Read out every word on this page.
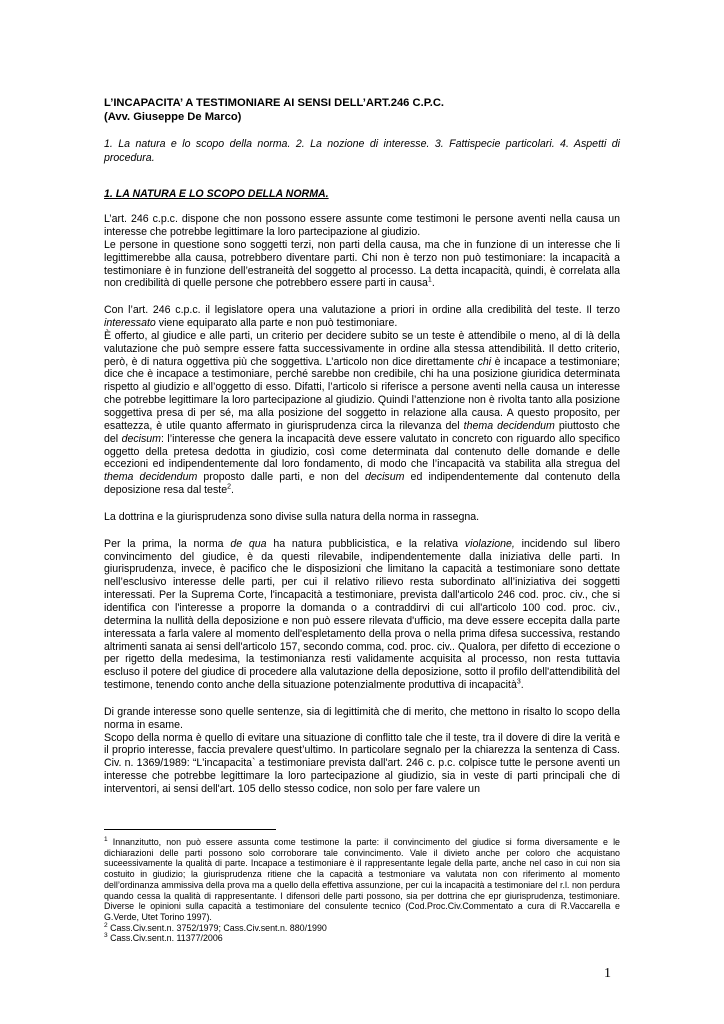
L’INCAPACITA’ A TESTIMONIARE AI SENSI DELL’ART.246 C.P.C.
(Avv. Giuseppe De Marco)

1. La natura e lo scopo della norma. 2. La nozione di interesse. 3. Fattispecie particolari. 4. Aspetti di procedura.

1. LA NATURA E LO SCOPO DELLA NORMA.

L’art. 246 c.p.c. dispone che non possono essere assunte come testimoni le persone aventi nella causa un interesse che potrebbe legittimare la loro partecipazione al giudizio.
Le persone in questione sono soggetti terzi, non parti della causa, ma che in funzione di un interesse che li legittimerebbe alla causa, potrebbero diventare parti. Chi non è terzo non può testimoniare: la incapacità a testimoniare è in funzione dell’estraneità del soggetto al processo. La detta incapacità, quindi, è correlata alla non credibilità di quelle persone che potrebbero essere parti in causa$^1$.

Con l’art. 246 c.p.c. il legislatore opera una valutazione a priori in ordine alla credibilità del teste. Il terzo interessato viene equiparato alla parte e non può testimoniare.
È offerto, al giudice e alle parti, un criterio per decidere subito se un teste è attendibile o meno, al di là della valutazione che può sempre essere fatta successivamente in ordine alla stessa attendibilità. Il detto criterio, però, è di natura oggettiva più che soggettiva. L’articolo non dice direttamente chi è incapace a testimoniare; dice che è incapace a testimoniare, perché sarebbe non credibile, chi ha una posizione giuridica determinata rispetto al giudizio e all’oggetto di esso. Difatti, l’articolo si riferisce a persone aventi nella causa un interesse che potrebbe legittimare la loro partecipazione al giudizio. Quindi l’attenzione non è rivolta tanto alla posizione soggettiva presa di per sé, ma alla posizione del soggetto in relazione alla causa. A questo proposito, per esattezza, è utile quanto affermato in giurisprudenza circa la rilevanza del thema decidendum piuttosto che del decisum: l’interesse che genera la incapacità deve essere valutato in concreto con riguardo allo specifico oggetto della pretesa dedotta in giudizio, così come determinata dal contenuto delle domande e delle eccezioni ed indipendentemente dal loro fondamento, di modo che l’incapacità va stabilita alla stregua del thema decidendum proposto dalle parti, e non del decisum ed indipendentemente dal contenuto della deposizione resa dal teste$^2$.

La dottrina e la giurisprudenza sono divise sulla natura della norma in rassegna.

Per la prima, la norma de qua ha natura pubblicistica, e la relativa violazione, incidendo sul libero convincimento del giudice, è da questi rilevabile, indipendentemente dalla iniziativa delle parti. In giurisprudenza, invece, è pacifico che le disposizioni che limitano la capacità a testimoniare sono dettate nell’esclusivo interesse delle parti, per cui il relativo rilievo resta subordinato all’iniziativa dei soggetti interessati. Per la Suprema Corte, l'incapacità a testimoniare, prevista dall'articolo 246 cod. proc. civ., che si identifica con l'interesse a proporre la domanda o a contraddirvi di cui all'articolo 100 cod. proc. civ., determina la nullità della deposizione e non può essere rilevata d'ufficio, ma deve essere eccepita dalla parte interessata a farla valere al momento dell'espletamento della prova o nella prima difesa successiva, restando altrimenti sanata ai sensi dell'articolo 157, secondo comma, cod. proc. civ.. Qualora, per difetto di eccezione o per rigetto della medesima, la testimonianza resti validamente acquisita al processo, non resta tuttavia escluso il potere del giudice di procedere alla valutazione della deposizione, sotto il profilo dell'attendibilità del testimone, tenendo conto anche della situazione potenzialmente produttiva di incapacità$^3$.

Di grande interesse sono quelle sentenze, sia di legittimità che di merito, che mettono in risalto lo scopo della norma in esame.
Scopo della norma è quello di evitare una situazione di conflitto tale che il teste, tra il dovere di dire la verità e il proprio interesse, faccia prevalere quest’ultimo. In particolare segnalo per la chiarezza la sentenza di Cass. Civ. n. 1369/1989: “L'incapacita` a testimoniare prevista dall'art. 246 c. p.c. colpisce tutte le persone aventi un interesse che potrebbe legittimare la loro partecipazione al giudizio, sia in veste di parti principali che di interventori, ai sensi dell'art. 105 dello stesso codice, non solo per fare valere un

$^1$ Innanzitutto, non può essere assunta come testimone la parte: il convincimento del giudice si forma diversamente e le dichiarazioni delle parti possono solo corroborare tale convincimento. Vale il divieto anche per coloro che acquistano suceessivamente la qualità di parte. Incapace a testimoniare è il rappresentante legale della parte, anche nel caso in cui non sia costuito in giudizio; la giurisprudenza ritiene che la capacità a testmoniare va valutata non con riferimento al momento dell’ordinanza ammissiva della prova ma a quello della effettiva assunzione, per cui la incapacità a testimoniare del r.l. non perdura quando cessa la qualità di rappresentante. I difensori delle parti possono, sia per dottrina che epr giurisprudenza, testimoniare. Diverse le opinioni sulla capacità a testimoniare del consulente tecnico (Cod.Proc.Civ.Commentato a cura di R.Vaccarella e G.Verde, Utet Torino 1997).

$^2$ Cass.Civ.sent.n. 3752/1979; Cass.Civ.sent.n. 880/1990

$^3$ Cass.Civ.sent.n. 11377/2006

1
